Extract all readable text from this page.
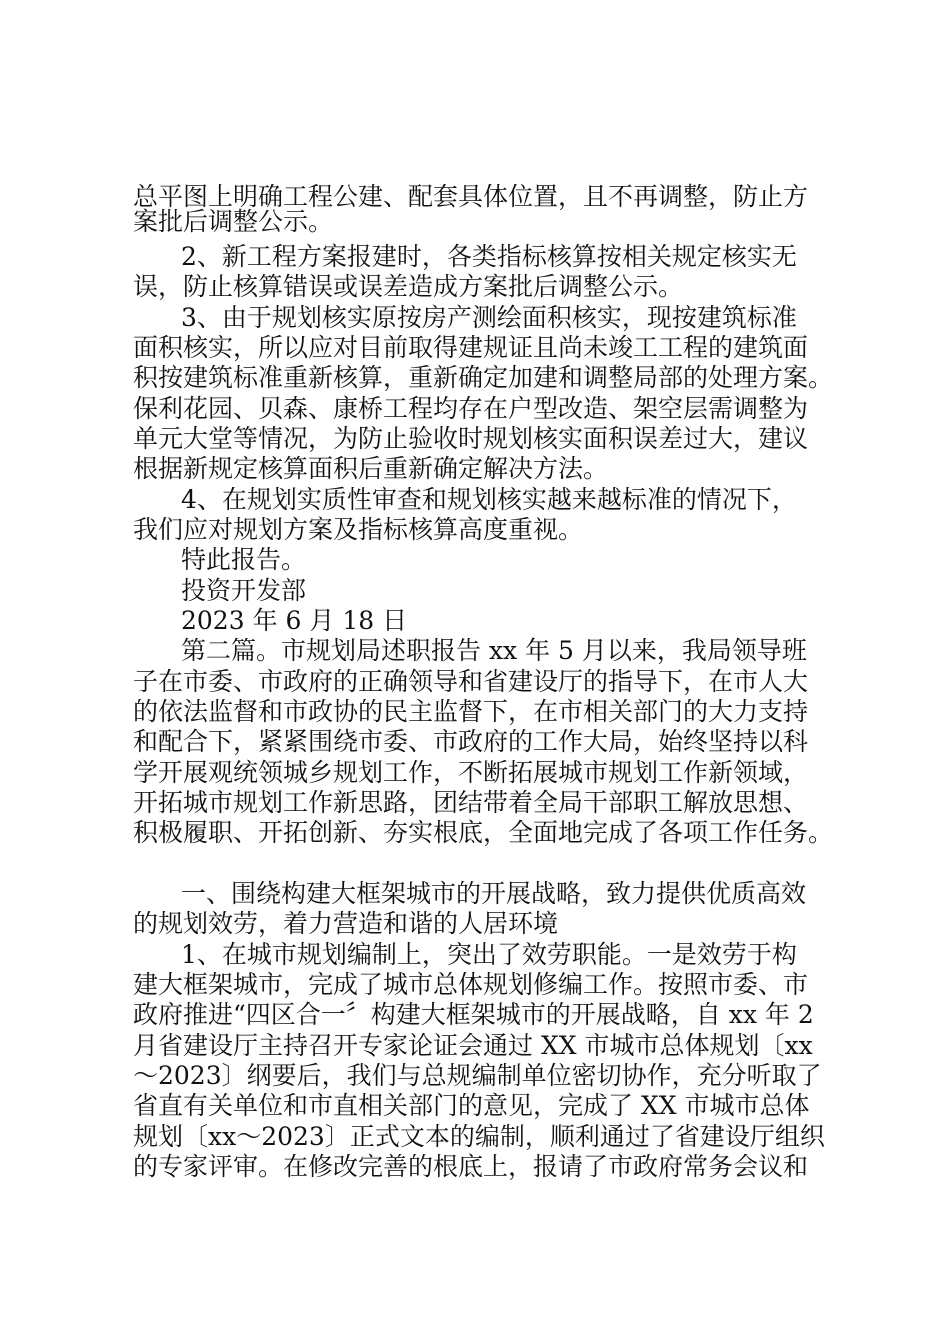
总平图上明确工程公建、配套具体位置，且不再调整，防止方
案批后调整公示。
2、新工程方案报建时，各类指标核算按相关规定核实无
误，防止核算错误或误差造成方案批后调整公示。
3、由于规划核实原按房产测绘面积核实，现按建筑标准
面积核实，所以应对目前取得建规证且尚未竣工工程的建筑面
积按建筑标准重新核算，重新确定加建和调整局部的处理方案。
保利花园、贝森、康桥工程均存在户型改造、架空层需调整为
单元大堂等情况，为防止验收时规划核实面积误差过大，建议
根据新规定核算面积后重新确定解决方法。
4、在规划实质性审查和规划核实越来越标准的情况下，
我们应对规划方案及指标核算高度重视。
特此报告。
投资开发部
2023 年 6 月 18 日
第二篇。市规划局述职报告 xx 年 5 月以来，我局领导班
子在市委、市政府的正确领导和省建设厅的指导下，在市人大
的依法监督和市政协的民主监督下，在市相关部门的大力支持
和配合下，紧紧围绕市委、市政府的工作大局，始终坚持以科
学开展观统领城乡规划工作，不断拓展城市规划工作新领域，
开拓城市规划工作新思路，团结带着全局干部职工解放思想、
积极履职、开拓创新、夯实根底，全面地完成了各项工作任务。
一、围绕构建大框架城市的开展战略，致力提供优质高效
的规划效劳，着力营造和谐的人居环境
1、在城市规划编制上，突出了效劳职能。一是效劳于构
建大框架城市，完成了城市总体规划修编工作。按照市委、市
政府推进“四区合一〞构建大框架城市的开展战略，自 xx 年 2
月省建设厅主持召开专家论证会通过 XX 市城市总体规划〔xx
～2023〕纲要后，我们与总规编制单位密切协作，充分听取了
省直有关单位和市直相关部门的意见，完成了 XX 市城市总体
规划〔xx～2023〕正式文本的编制，顺利通过了省建设厅组织
的专家评审。在修改完善的根底上，报请了市政府常务会议和
